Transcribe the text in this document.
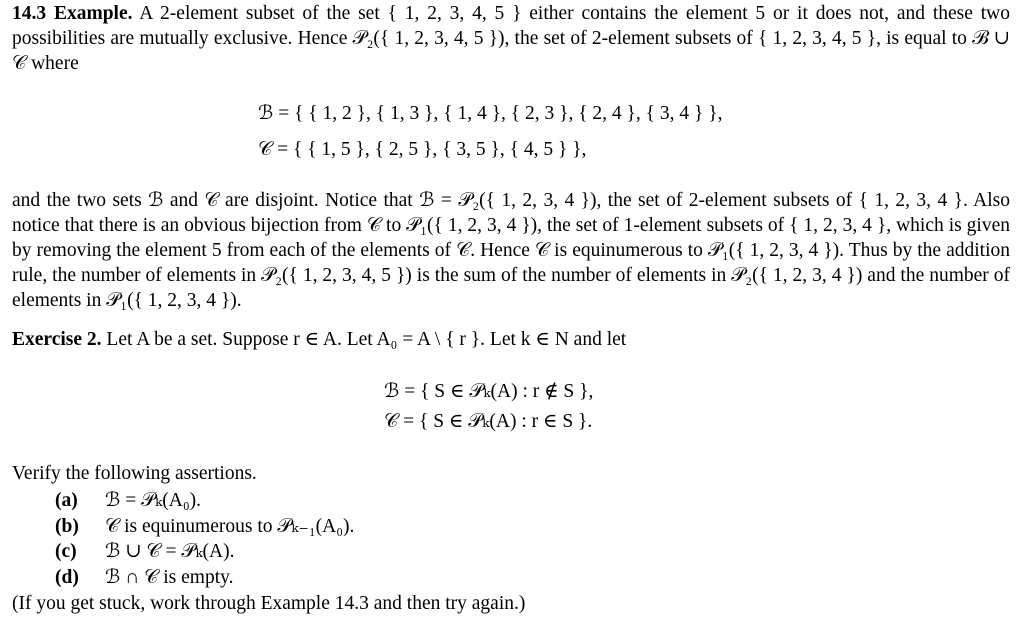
14.3 Example. A 2-element subset of the set { 1, 2, 3, 4, 5 } either contains the element 5 or it does not, and these two possibilities are mutually exclusive. Hence 𝒫₂({ 1, 2, 3, 4, 5 }), the set of 2-element subsets of { 1, 2, 3, 4, 5 }, is equal to ℬ ∪ 𝒞 where

ℬ = { { 1, 2 }, { 1, 3 }, { 1, 4 }, { 2, 3 }, { 2, 4 }, { 3, 4 } },
𝒞 = { { 1, 5 }, { 2, 5 }, { 3, 5 }, { 4, 5 } },

and the two sets ℬ and 𝒞 are disjoint. Notice that ℬ = 𝒫₂({ 1, 2, 3, 4 }), the set of 2-element subsets of { 1, 2, 3, 4 }. Also notice that there is an obvious bijection from 𝒞 to 𝒫₁({ 1, 2, 3, 4 }), the set of 1-element subsets of { 1, 2, 3, 4 }, which is given by removing the element 5 from each of the elements of 𝒞. Hence 𝒞 is equinumerous to 𝒫₁({ 1, 2, 3, 4 }). Thus by the addition rule, the number of elements in 𝒫₂({ 1, 2, 3, 4, 5 }) is the sum of the number of elements in 𝒫₂({ 1, 2, 3, 4 }) and the number of elements in 𝒫₁({ 1, 2, 3, 4 }).

Exercise 2. Let A be a set. Suppose r ∈ A. Let A₀ = A \ { r }. Let k ∈ N and let

ℬ = { S ∈ 𝒫ₖ(A) : r ∉ S },
𝒞 = { S ∈ 𝒫ₖ(A) : r ∈ S }.

Verify the following assertions.

(a) ℬ = 𝒫ₖ(A₀).
(b) 𝒞 is equinumerous to 𝒫ₖ₋₁(A₀).
(c) ℬ ∪ 𝒞 = 𝒫ₖ(A).
(d) ℬ ∩ 𝒞 is empty.
(If you get stuck, work through Example 14.3 and then try again.)
